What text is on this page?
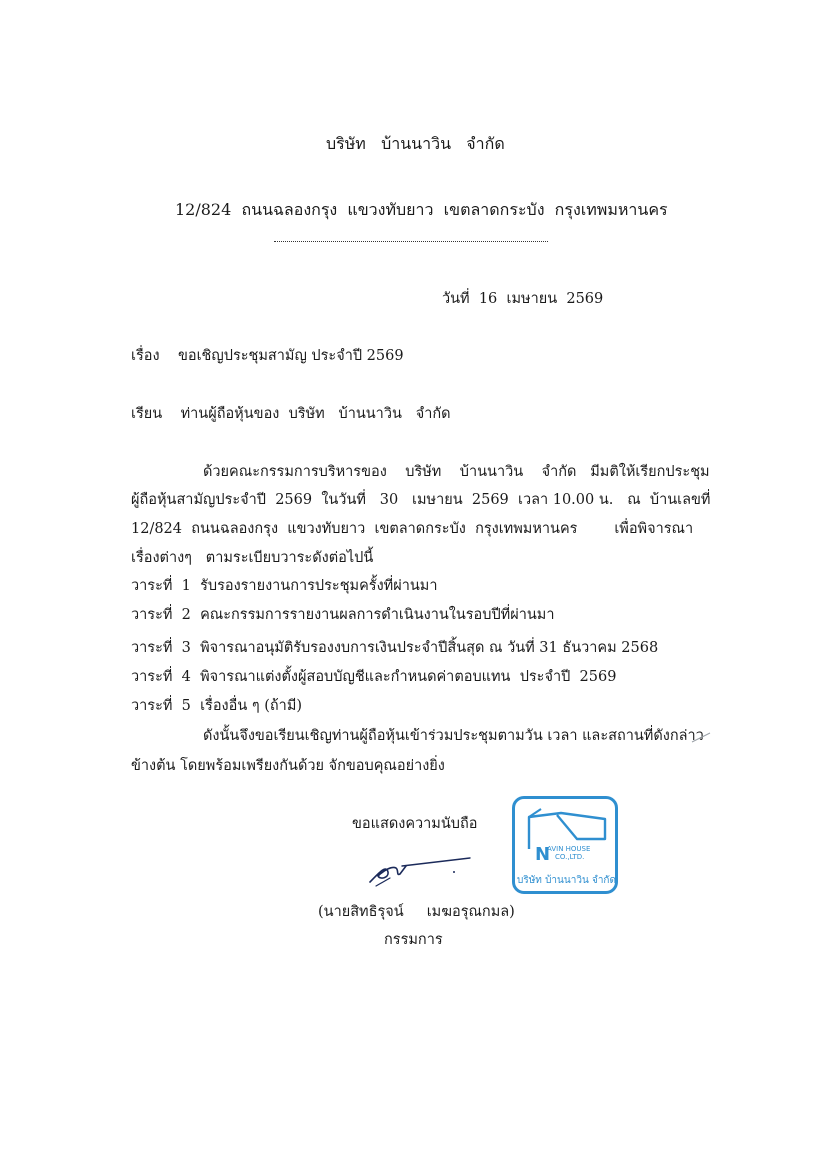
บริษัท   บ้านนาวิน   จำกัด
12/824  ถนนฉลองกรุง  แขวงทับยาว  เขตลาดกระบัง  กรุงเทพมหานคร
วันที่  16  เมษายน  2569
เรื่อง    ขอเชิญประชุมสามัญ ประจำปี 2569
เรียน    ท่านผู้ถือหุ้นของ  บริษัท   บ้านนาวิน   จำกัด
ด้วยคณะกรรมการบริหารของ    บริษัท    บ้านนาวิน    จำกัด   มีมติให้เรียกประชุม
ผู้ถือหุ้นสามัญประจำปี  2569  ในวันที่   30   เมษายน  2569  เวลา 10.00 น.   ณ  บ้านเลขที่
12/824  ถนนฉลองกรุง  แขวงทับยาว  เขตลาดกระบัง  กรุงเทพมหานคร        เพื่อพิจารณา
เรื่องต่างๆ   ตามระเบียบวาระดังต่อไปนี้
วาระที่  1  รับรองรายงานการประชุมครั้งที่ผ่านมา
วาระที่  2  คณะกรรมการรายงานผลการดำเนินงานในรอบปีที่ผ่านมา
วาระที่  3  พิจารณาอนุมัติรับรองงบการเงินประจำปีสิ้นสุด ณ วันที่ 31 ธันวาคม 2568
วาระที่  4  พิจารณาแต่งตั้งผู้สอบบัญชีและกำหนดค่าตอบแทน  ประจำปี  2569
วาระที่  5  เรื่องอื่น ๆ (ถ้ามี)
ดังนั้นจึงขอเรียนเชิญท่านผู้ถือหุ้นเข้าร่วมประชุมตามวัน เวลา และสถานที่ดังกล่าว
ข้างต้น โดยพร้อมเพรียงกันด้วย จักขอบคุณอย่างยิ่ง
ขอแสดงความนับถือ
(นายสิทธิรุจน์     เมฆอรุณกมล)
กรรมการ
N
AVIN HOUSE
CO.,LTD.
บริษัท บ้านนาวิน จำกัด
